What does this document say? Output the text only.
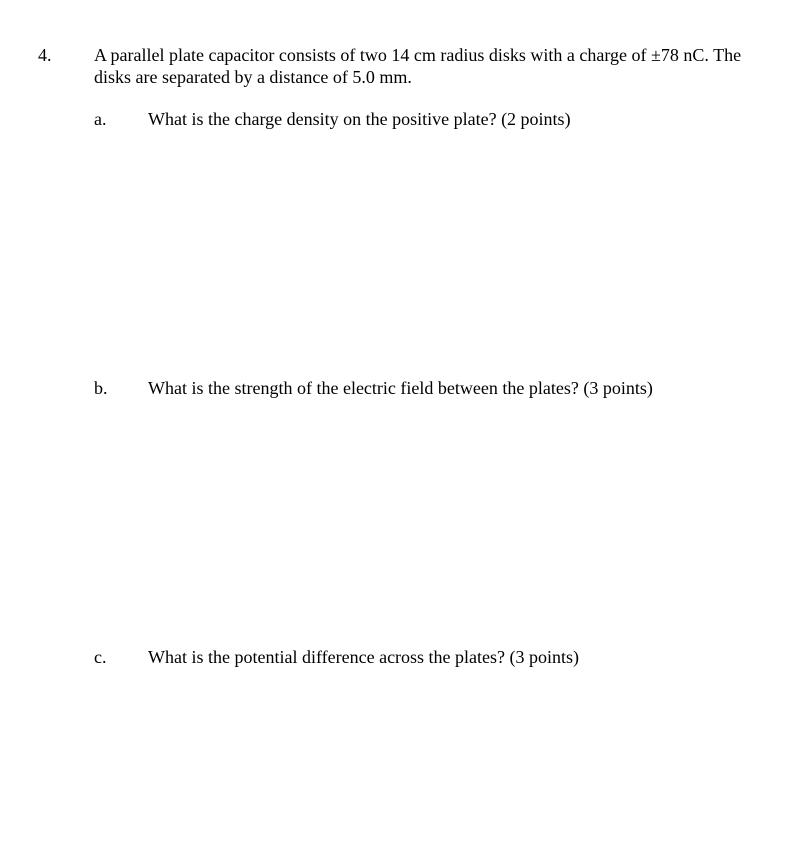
4. A parallel plate capacitor consists of two 14 cm radius disks with a charge of ±78 nC. The disks are separated by a distance of 5.0 mm.
a. What is the charge density on the positive plate? (2 points)
b. What is the strength of the electric field between the plates? (3 points)
c. What is the potential difference across the plates? (3 points)
